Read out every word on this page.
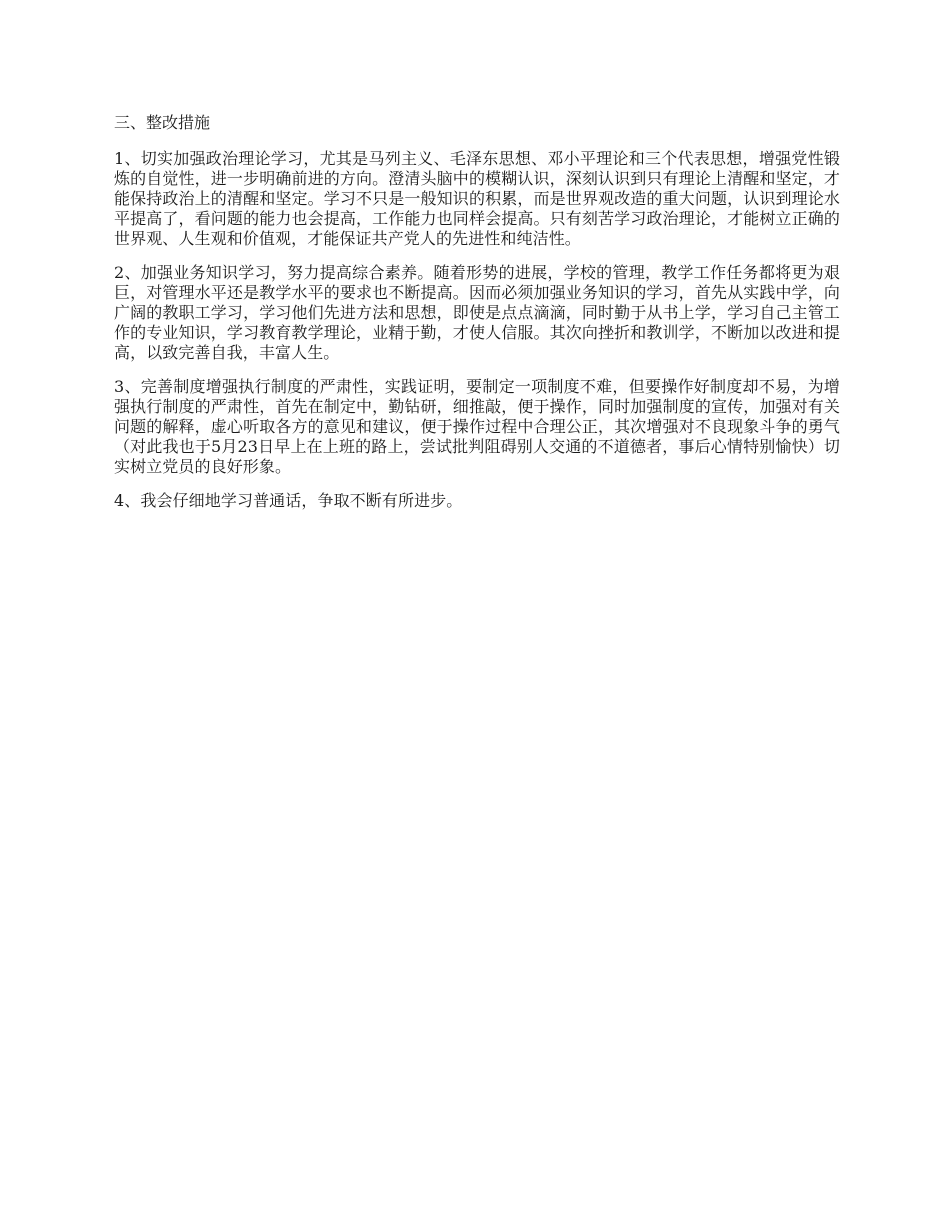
三、整改措施

1、切实加强政治理论学习，尤其是马列主义、毛泽东思想、邓小平理论和三个代表思想，增强党性锻炼的自觉性，进一步明确前进的方向。澄清头脑中的模糊认识，深刻认识到只有理论上清醒和坚定，才能保持政治上的清醒和坚定。学习不只是一般知识的积累，而是世界观改造的重大问题，认识到理论水平提高了，看问题的能力也会提高，工作能力也同样会提高。只有刻苦学习政治理论，才能树立正确的世界观、人生观和价值观，才能保证共产党人的先进性和纯洁性。

2、加强业务知识学习，努力提高综合素养。随着形势的进展，学校的管理，教学工作任务都将更为艰巨，对管理水平还是教学水平的要求也不断提高。因而必须加强业务知识的学习，首先从实践中学，向广阔的教职工学习，学习他们先进方法和思想，即使是点点滴滴，同时勤于从书上学，学习自己主管工作的专业知识，学习教育教学理论，业精于勤，才使人信服。其次向挫折和教训学，不断加以改进和提高，以致完善自我，丰富人生。

3、完善制度增强执行制度的严肃性，实践证明，要制定一项制度不难，但要操作好制度却不易，为增强执行制度的严肃性，首先在制定中，勤钻研，细推敲，便于操作，同时加强制度的宣传，加强对有关问题的解释，虚心听取各方的意见和建议，便于操作过程中合理公正，其次增强对不良现象斗争的勇气（对此我也于5月23日早上在上班的路上，尝试批判阻碍别人交通的不道德者，事后心情特别愉快）切实树立党员的良好形象。

4、我会仔细地学习普通话，争取不断有所进步。
